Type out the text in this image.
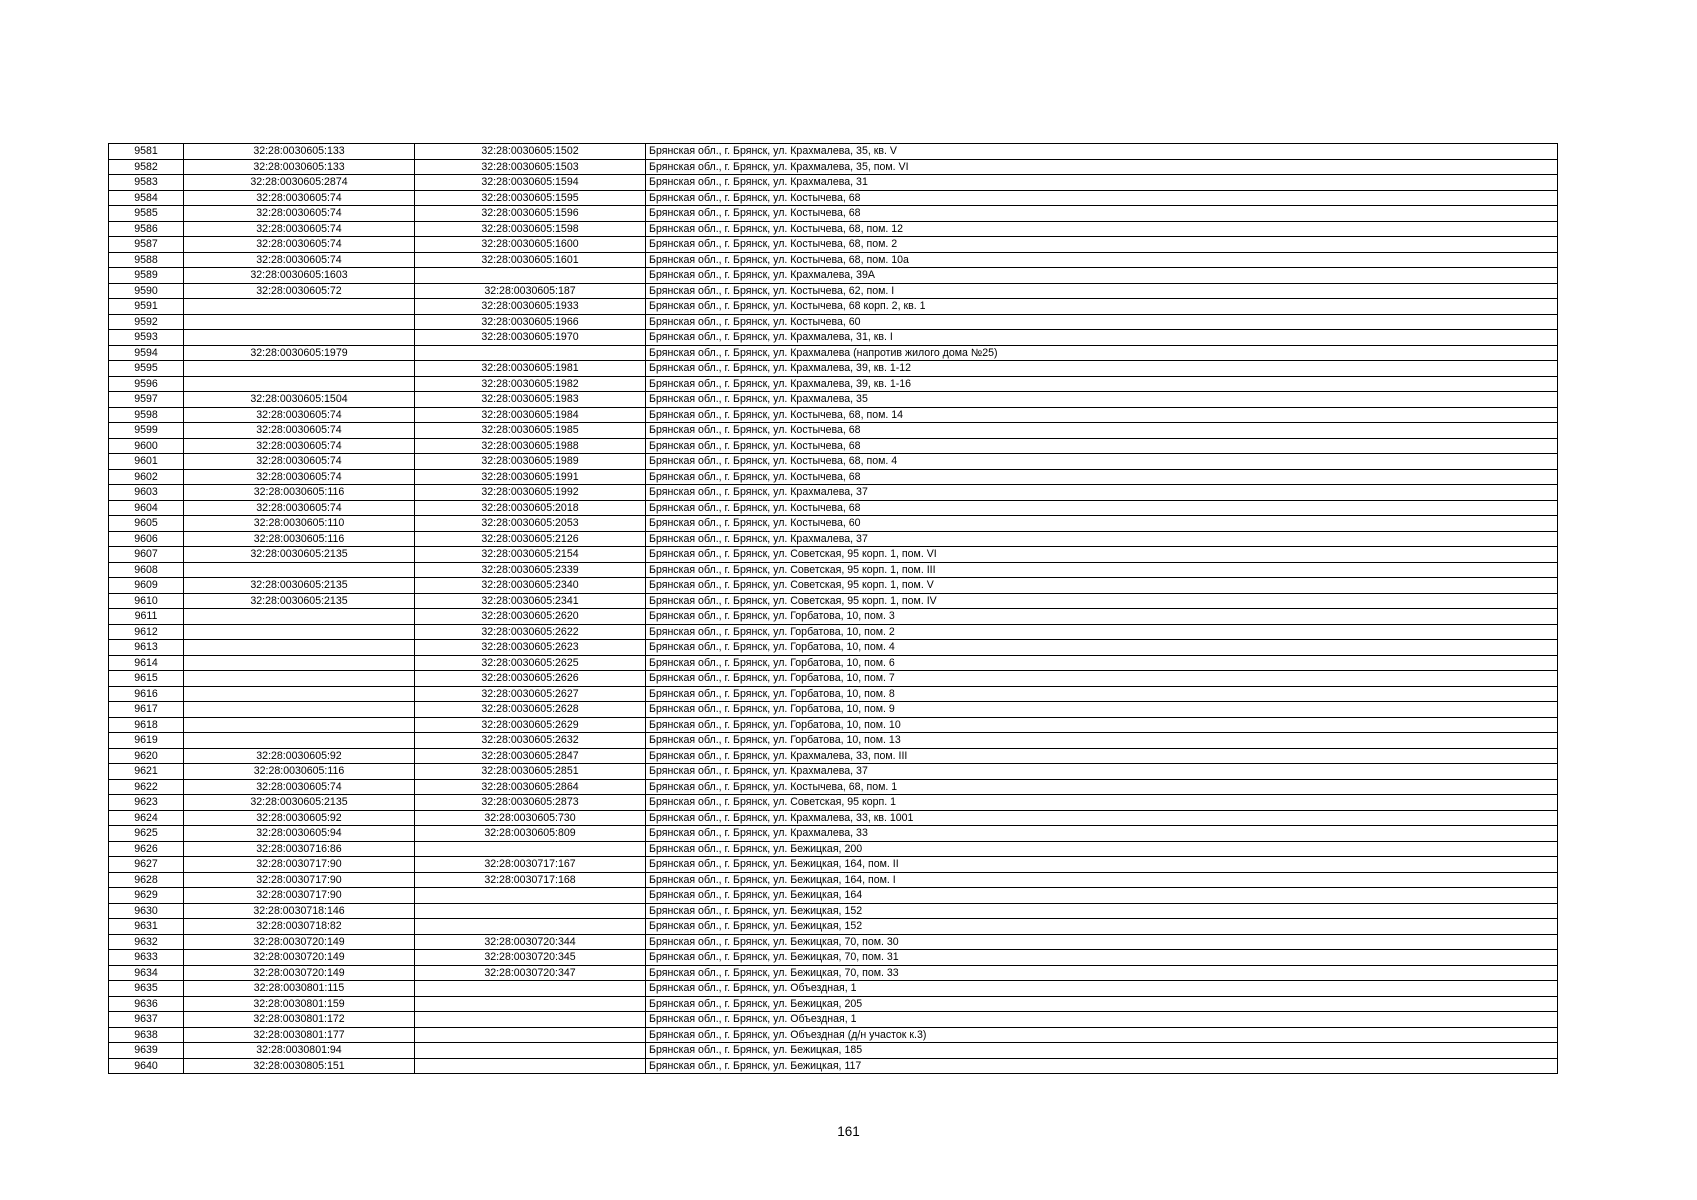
9581	32:28:0030605:133	32:28:0030605:1502	Брянская обл., г. Брянск, ул. Крахмалева, 35, кв. V
9582	32:28:0030605:133	32:28:0030605:1503	Брянская обл., г. Брянск, ул. Крахмалева, 35, пом. VI
9583	32:28:0030605:2874	32:28:0030605:1594	Брянская обл., г. Брянск, ул. Крахмалева, 31
9584	32:28:0030605:74	32:28:0030605:1595	Брянская обл., г. Брянск, ул. Костычева, 68
9585	32:28:0030605:74	32:28:0030605:1596	Брянская обл., г. Брянск, ул. Костычева, 68
9586	32:28:0030605:74	32:28:0030605:1598	Брянская обл., г. Брянск, ул. Костычева, 68, пом. 12
9587	32:28:0030605:74	32:28:0030605:1600	Брянская обл., г. Брянск, ул. Костычева, 68, пом. 2
9588	32:28:0030605:74	32:28:0030605:1601	Брянская обл., г. Брянск, ул. Костычева, 68, пом. 10а
9589	32:28:0030605:1603		Брянская обл., г. Брянск, ул. Крахмалева, 39А
9590	32:28:0030605:72	32:28:0030605:187	Брянская обл., г. Брянск, ул. Костычева, 62, пом. I
9591		32:28:0030605:1933	Брянская обл., г. Брянск, ул. Костычева, 68 корп. 2, кв. 1
9592		32:28:0030605:1966	Брянская обл., г. Брянск, ул. Костычева, 60
9593		32:28:0030605:1970	Брянская обл., г. Брянск, ул. Крахмалева, 31, кв. I
9594	32:28:0030605:1979		Брянская обл., г. Брянск, ул. Крахмалева (напротив жилого дома №25)
9595		32:28:0030605:1981	Брянская обл., г. Брянск, ул. Крахмалева, 39, кв. 1-12
9596		32:28:0030605:1982	Брянская обл., г. Брянск, ул. Крахмалева, 39, кв. 1-16
9597	32:28:0030605:1504	32:28:0030605:1983	Брянская обл., г. Брянск, ул. Крахмалева, 35
9598	32:28:0030605:74	32:28:0030605:1984	Брянская обл., г. Брянск, ул. Костычева, 68, пом. 14
9599	32:28:0030605:74	32:28:0030605:1985	Брянская обл., г. Брянск, ул. Костычева, 68
9600	32:28:0030605:74	32:28:0030605:1988	Брянская обл., г. Брянск, ул. Костычева, 68
9601	32:28:0030605:74	32:28:0030605:1989	Брянская обл., г. Брянск, ул. Костычева, 68, пом. 4
9602	32:28:0030605:74	32:28:0030605:1991	Брянская обл., г. Брянск, ул. Костычева, 68
9603	32:28:0030605:116	32:28:0030605:1992	Брянская обл., г. Брянск, ул. Крахмалева, 37
9604	32:28:0030605:74	32:28:0030605:2018	Брянская обл., г. Брянск, ул. Костычева, 68
9605	32:28:0030605:110	32:28:0030605:2053	Брянская обл., г. Брянск, ул. Костычева, 60
9606	32:28:0030605:116	32:28:0030605:2126	Брянская обл., г. Брянск, ул. Крахмалева, 37
9607	32:28:0030605:2135	32:28:0030605:2154	Брянская обл., г. Брянск, ул. Советская, 95 корп. 1, пом. VI
9608		32:28:0030605:2339	Брянская обл., г. Брянск, ул. Советская, 95 корп. 1, пом. III
9609	32:28:0030605:2135	32:28:0030605:2340	Брянская обл., г. Брянск, ул. Советская, 95 корп. 1, пом. V
9610	32:28:0030605:2135	32:28:0030605:2341	Брянская обл., г. Брянск, ул. Советская, 95 корп. 1, пом. IV
9611		32:28:0030605:2620	Брянская обл., г. Брянск, ул. Горбатова, 10, пом. 3
9612		32:28:0030605:2622	Брянская обл., г. Брянск, ул. Горбатова, 10, пом. 2
9613		32:28:0030605:2623	Брянская обл., г. Брянск, ул. Горбатова, 10, пом. 4
9614		32:28:0030605:2625	Брянская обл., г. Брянск, ул. Горбатова, 10, пом. 6
9615		32:28:0030605:2626	Брянская обл., г. Брянск, ул. Горбатова, 10, пом. 7
9616		32:28:0030605:2627	Брянская обл., г. Брянск, ул. Горбатова, 10, пом. 8
9617		32:28:0030605:2628	Брянская обл., г. Брянск, ул. Горбатова, 10, пом. 9
9618		32:28:0030605:2629	Брянская обл., г. Брянск, ул. Горбатова, 10, пом. 10
9619		32:28:0030605:2632	Брянская обл., г. Брянск, ул. Горбатова, 10, пом. 13
9620	32:28:0030605:92	32:28:0030605:2847	Брянская обл., г. Брянск, ул. Крахмалева, 33, пом. III
9621	32:28:0030605:116	32:28:0030605:2851	Брянская обл., г. Брянск, ул. Крахмалева, 37
9622	32:28:0030605:74	32:28:0030605:2864	Брянская обл., г. Брянск, ул. Костычева, 68, пом. 1
9623	32:28:0030605:2135	32:28:0030605:2873	Брянская обл., г. Брянск, ул. Советская, 95 корп. 1
9624	32:28:0030605:92	32:28:0030605:730	Брянская обл., г. Брянск, ул. Крахмалева, 33, кв. 1001
9625	32:28:0030605:94	32:28:0030605:809	Брянская обл., г. Брянск, ул. Крахмалева, 33
9626	32:28:0030716:86		Брянская обл., г. Брянск, ул. Бежицкая, 200
9627	32:28:0030717:90	32:28:0030717:167	Брянская обл., г. Брянск, ул. Бежицкая, 164, пом. II
9628	32:28:0030717:90	32:28:0030717:168	Брянская обл., г. Брянск, ул. Бежицкая, 164, пом. I
9629	32:28:0030717:90		Брянская обл., г. Брянск, ул. Бежицкая, 164
9630	32:28:0030718:146		Брянская обл., г. Брянск, ул. Бежицкая, 152
9631	32:28:0030718:82		Брянская обл., г. Брянск, ул. Бежицкая, 152
9632	32:28:0030720:149	32:28:0030720:344	Брянская обл., г. Брянск, ул. Бежицкая, 70, пом. 30
9633	32:28:0030720:149	32:28:0030720:345	Брянская обл., г. Брянск, ул. Бежицкая, 70, пом. 31
9634	32:28:0030720:149	32:28:0030720:347	Брянская обл., г. Брянск, ул. Бежицкая, 70, пом. 33
9635	32:28:0030801:115		Брянская обл., г. Брянск, ул. Объездная, 1
9636	32:28:0030801:159		Брянская обл., г. Брянск, ул. Бежицкая, 205
9637	32:28:0030801:172		Брянская обл., г. Брянск, ул. Объездная, 1
9638	32:28:0030801:177		Брянская обл., г. Брянск, ул. Объездная (д/н участок к.3)
9639	32:28:0030801:94		Брянская обл., г. Брянск, ул. Бежицкая, 185
9640	32:28:0030805:151		Брянская обл., г. Брянск, ул. Бежицкая, 117
161
